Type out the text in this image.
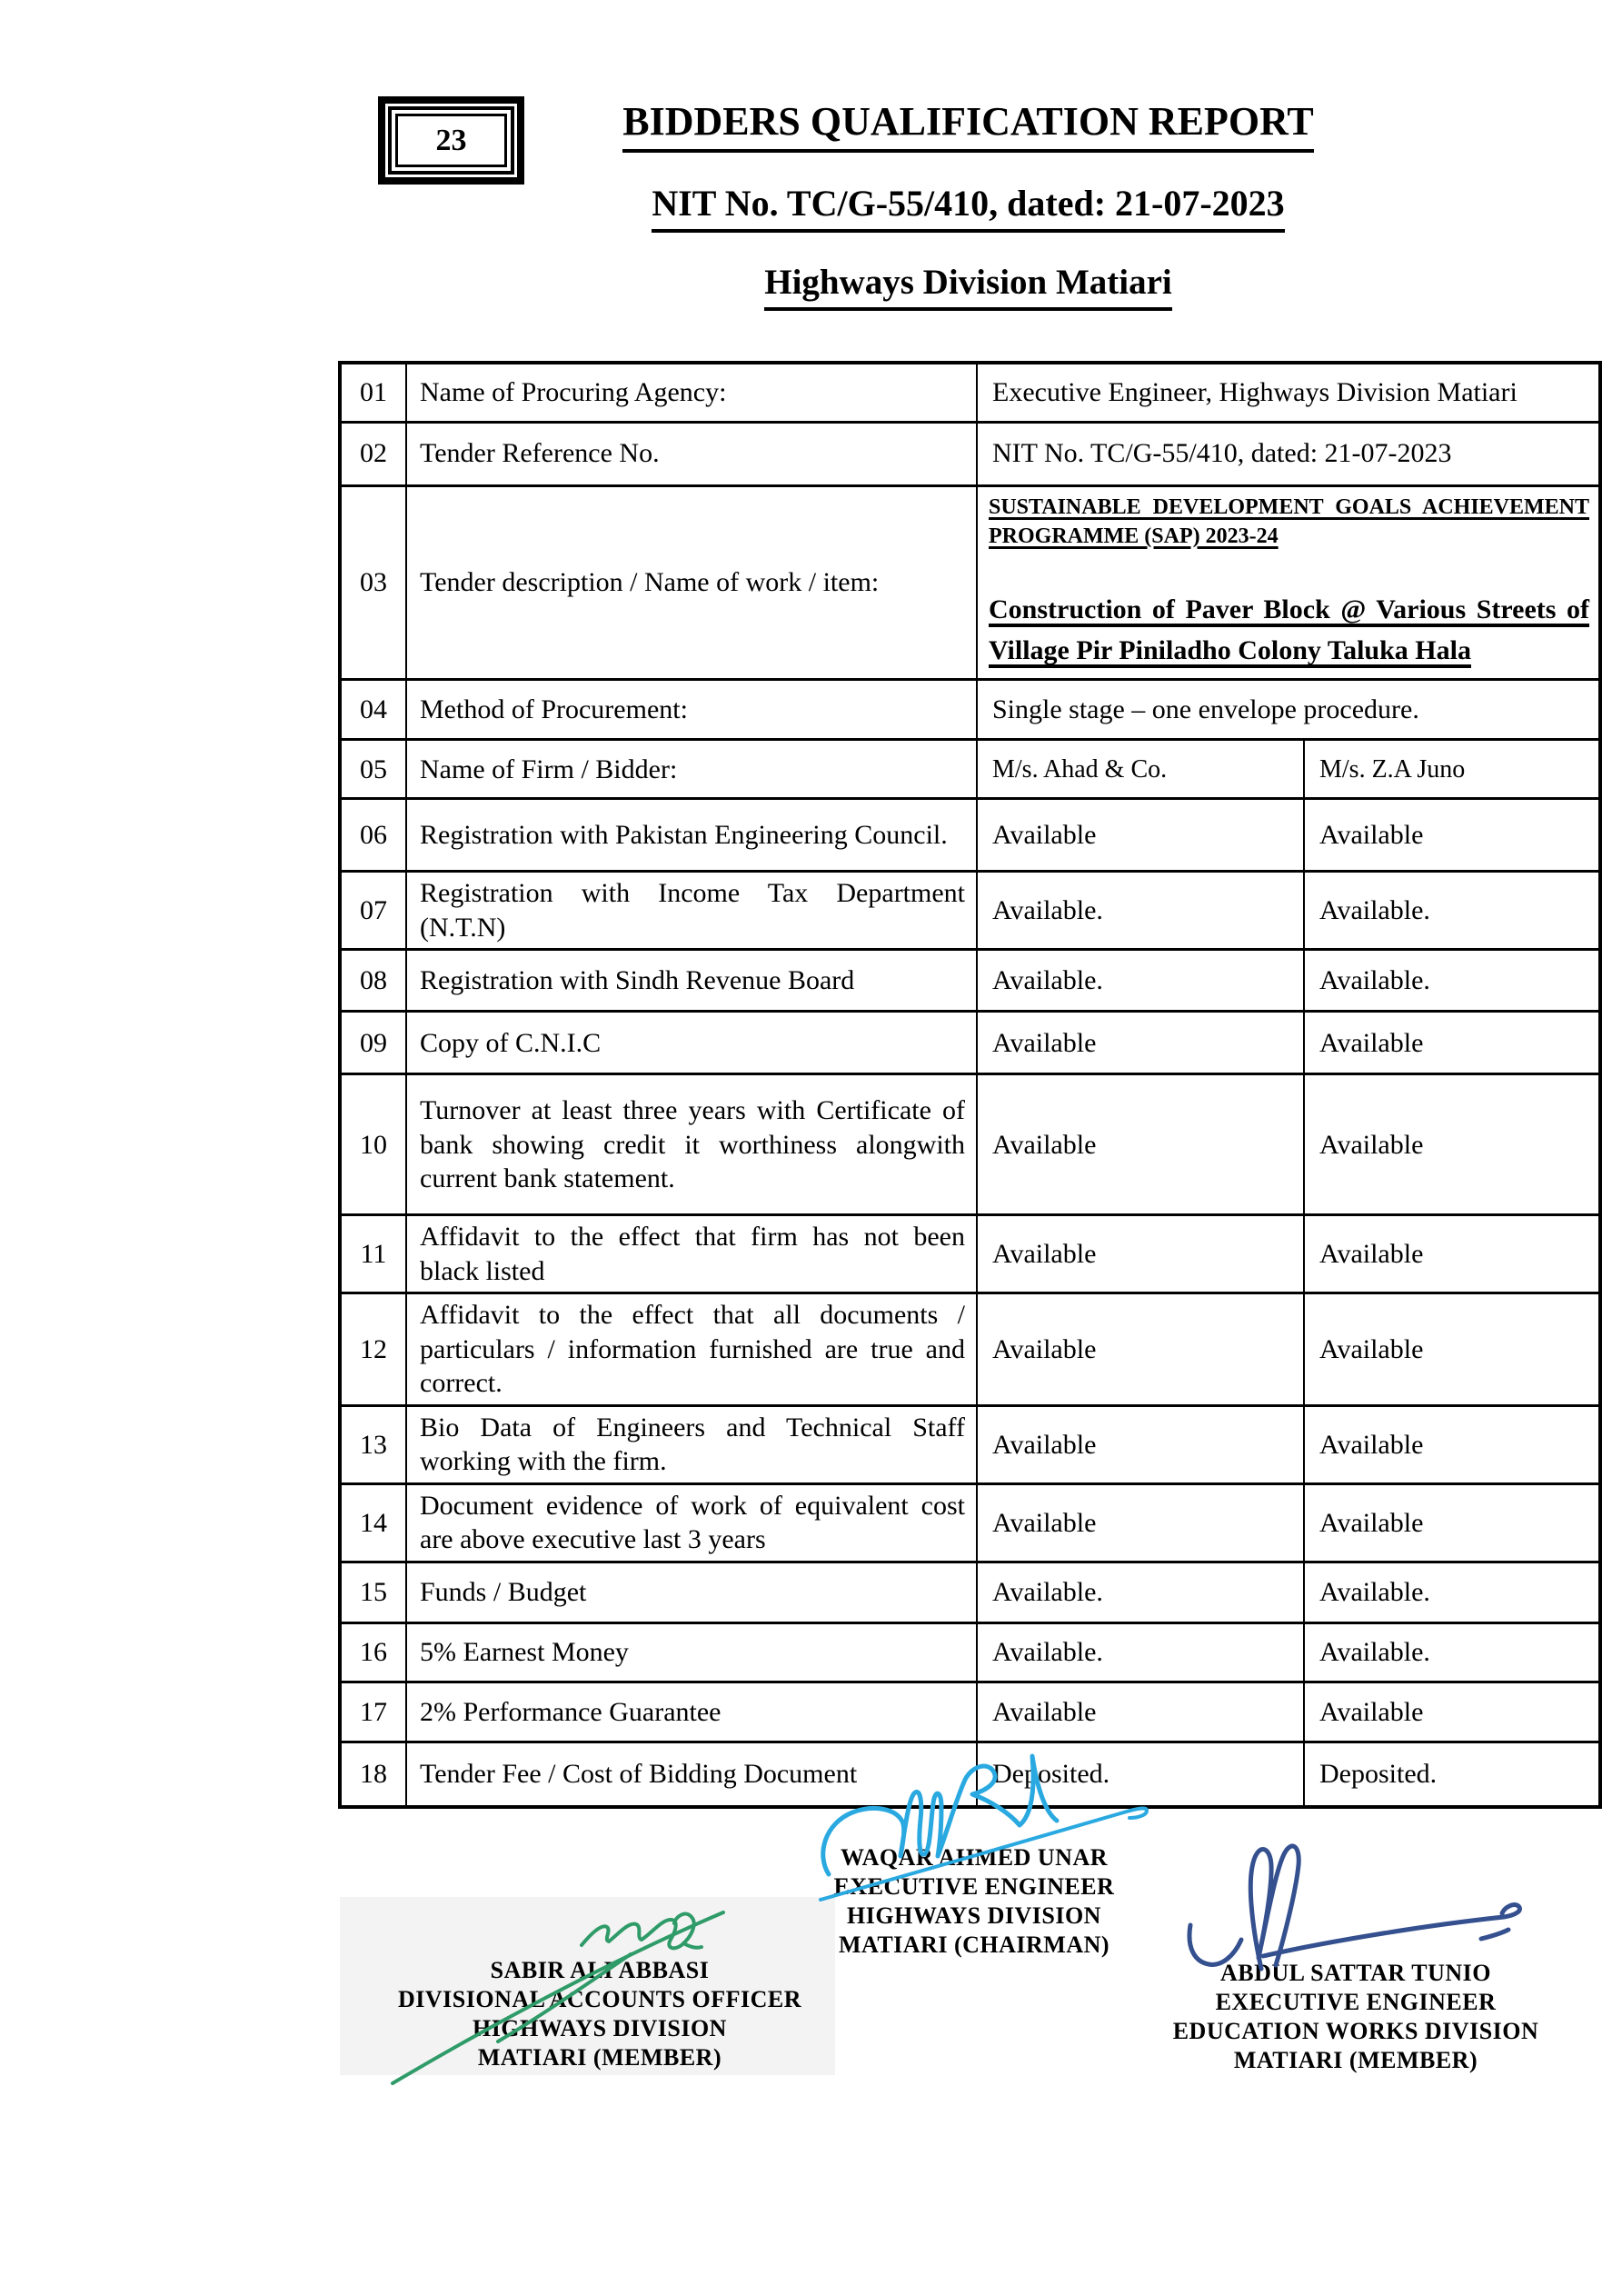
23	BIDDERS QUALIFICATION REPORT
NIT No. TC/G-55/410, dated: 21-07-2023
Highways Division Matiari
01	Name of Procuring Agency:	Executive Engineer, Highways Division Matiari	
02	Tender Reference No.	NIT No. TC/G-55/410, dated: 21-07-2023	
03	Tender description / Name of work / item:	SUSTAINABLE DEVELOPMENT GOALS ACHIEVEMENT PROGRAMME (SAP) 2023-24
Construction of Paver Block @ Various Streets of Village Pir Piniladho Colony Taluka Hala	

04	Method of Procurement:	Single stage – one envelope procedure.	
05	Name of Firm / Bidder:	M/s. Ahad & Co.	M/s. Z.A Juno
06	Registration with Pakistan Engineering Council.	Available	Available
07	Registration with Income Tax Department (N.T.N)	Available.	Available.
08	Registration with Sindh Revenue Board	Available.	Available.
09	Copy of C.N.I.C	Available	Available
10	Turnover at least three years with Certificate of bank showing credit it worthiness alongwith current bank statement.	Available	Available
11	Affidavit to the effect that firm has not been black listed	Available	Available
12	Affidavit to the effect that all documents / particulars / information furnished are true and correct.	Available	Available
13	Bio Data of Engineers and Technical Staff working with the firm.	Available	Available
14	Document evidence of work of equivalent cost are above executive last 3 years	Available	Available
15	Funds / Budget	Available.	Available.
16	5% Earnest Money	Available.	Available.
17	2% Performance Guarantee	Available	Available
18	Tender Fee / Cost of Bidding Document	Deposited.	Deposited.
WAQAR AHMED UNAR
EXECUTIVE ENGINEER
HIGHWAYS DIVISION
MATIARI (CHAIRMAN)
SABIR ALI ABBASI
DIVISIONAL ACCOUNTS OFFICER
HIGHWAYS DIVISION
MATIARI (MEMBER)
ABDUL SATTAR TUNIO
EXECUTIVE ENGINEER
EDUCATION WORKS DIVISION
MATIARI (MEMBER)
